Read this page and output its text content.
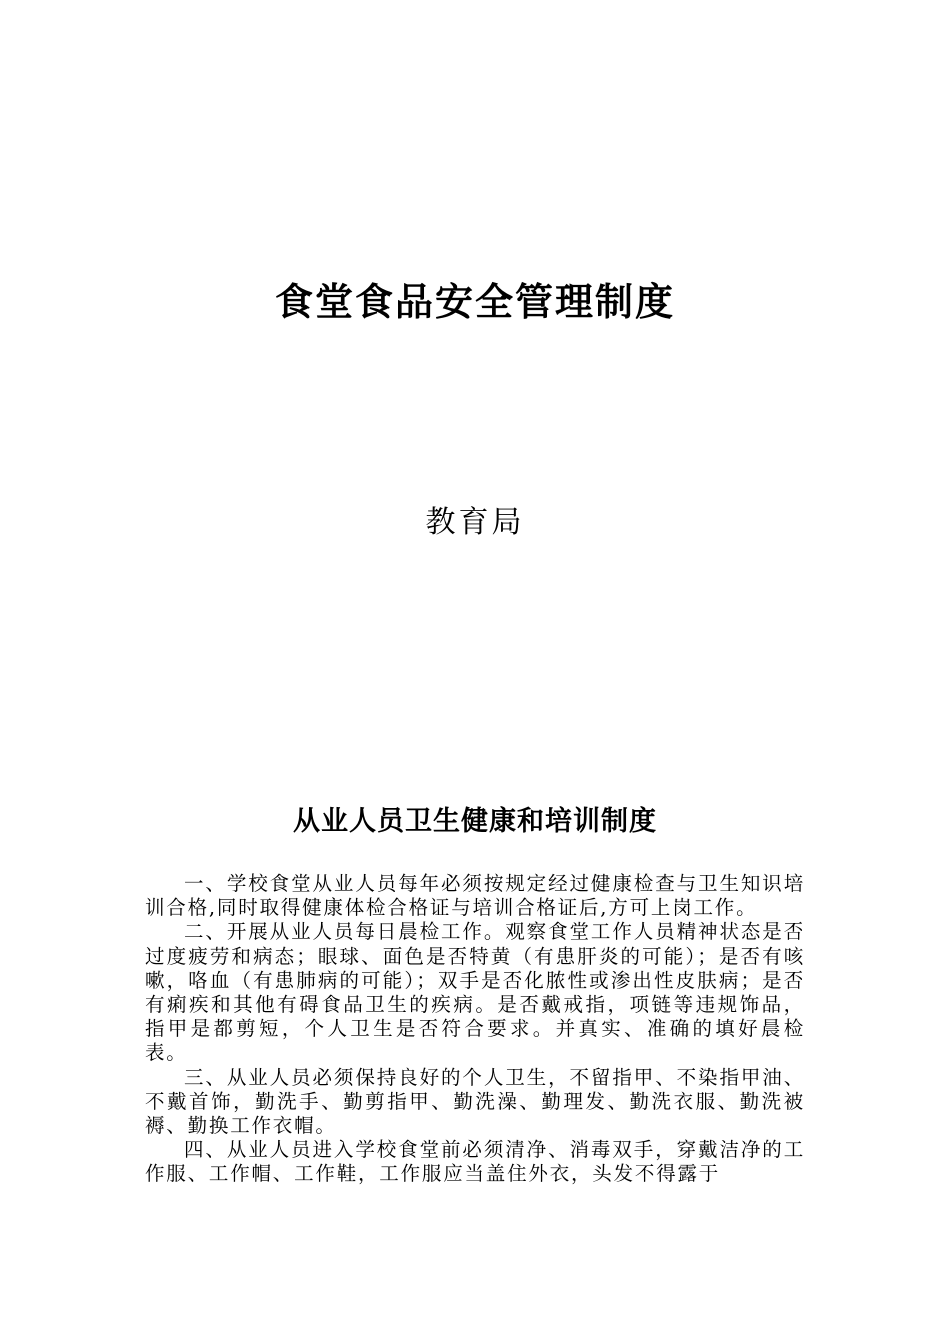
食堂食品安全管理制度
教育局
从业人员卫生健康和培训制度

一、学校食堂从业人员每年必须按规定经过健康检查与卫生知识培训合格,同时取得健康体检合格证与培训合格证后,方可上岗工作。

二、开展从业人员每日晨检工作。观察食堂工作人员精神状态是否过度疲劳和病态；眼球、面色是否特黄（有患肝炎的可能）；是否有咳嗽，咯血（有患肺病的可能）；双手是否化脓性或渗出性皮肤病；是否有痢疾和其他有碍食品卫生的疾病。是否戴戒指，项链等违规饰品，指甲是都剪短，个人卫生是否符合要求。并真实、准确的填好晨检表。

三、从业人员必须保持良好的个人卫生，不留指甲、不染指甲油、不戴首饰，勤洗手、勤剪指甲、勤洗澡、勤理发、勤洗衣服、勤洗被褥、勤换工作衣帽。

四、从业人员进入学校食堂前必须清净、消毒双手，穿戴洁净的工作服、工作帽、工作鞋，工作服应当盖住外衣，头发不得露于
